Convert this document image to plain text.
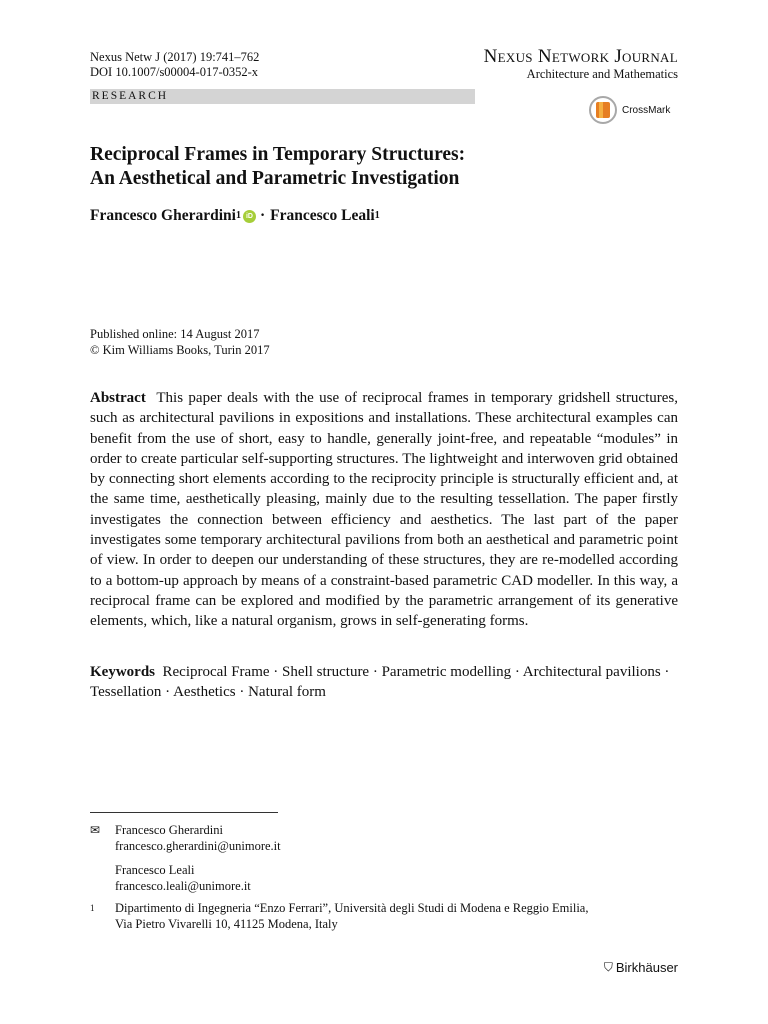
Nexus Netw J (2017) 19:741–762
DOI 10.1007/s00004-017-0352-x
Nexus Network Journal
Architecture and Mathematics
RESEARCH
CrossMark
Reciprocal Frames in Temporary Structures:
An Aesthetical and Parametric Investigation
Francesco Gherardini 1 iD · Francesco Leali 1
Published online: 14 August 2017
© Kim Williams Books, Turin 2017
Abstract This paper deals with the use of reciprocal frames in temporary gridshell structures, such as architectural pavilions in expositions and installations. These architectural examples can benefit from the use of short, easy to handle, generally joint-free, and repeatable “modules” in order to create particular self-supporting structures. The lightweight and interwoven grid obtained by connecting short elements according to the reciprocity principle is structurally efficient and, at the same time, aesthetically pleasing, mainly due to the resulting tessellation. The paper firstly investigates the connection between efficiency and aesthetics. The last part of the paper investigates some temporary architectural pavilions from both an aesthetical and parametric point of view. In order to deepen our understanding of these structures, they are re-modelled according to a bottom-up approach by means of a constraint-based parametric CAD modeller. In this way, a reciprocal frame can be explored and modified by the parametric arrangement of its generative elements, which, like a natural organism, grows in self-generating forms.
Keywords Reciprocal Frame · Shell structure · Parametric modelling · Architectural pavilions · Tessellation · Aesthetics · Natural form
✉	Francesco Gherardini
francesco.gherardini@unimore.it
Francesco Leali
francesco.leali@unimore.it
1	Dipartimento di Ingegneria “Enzo Ferrari”, Università degli Studi di Modena e Reggio Emilia,
Via Pietro Vivarelli 10, 41125 Modena, Italy
⛉ Birkhäuser
